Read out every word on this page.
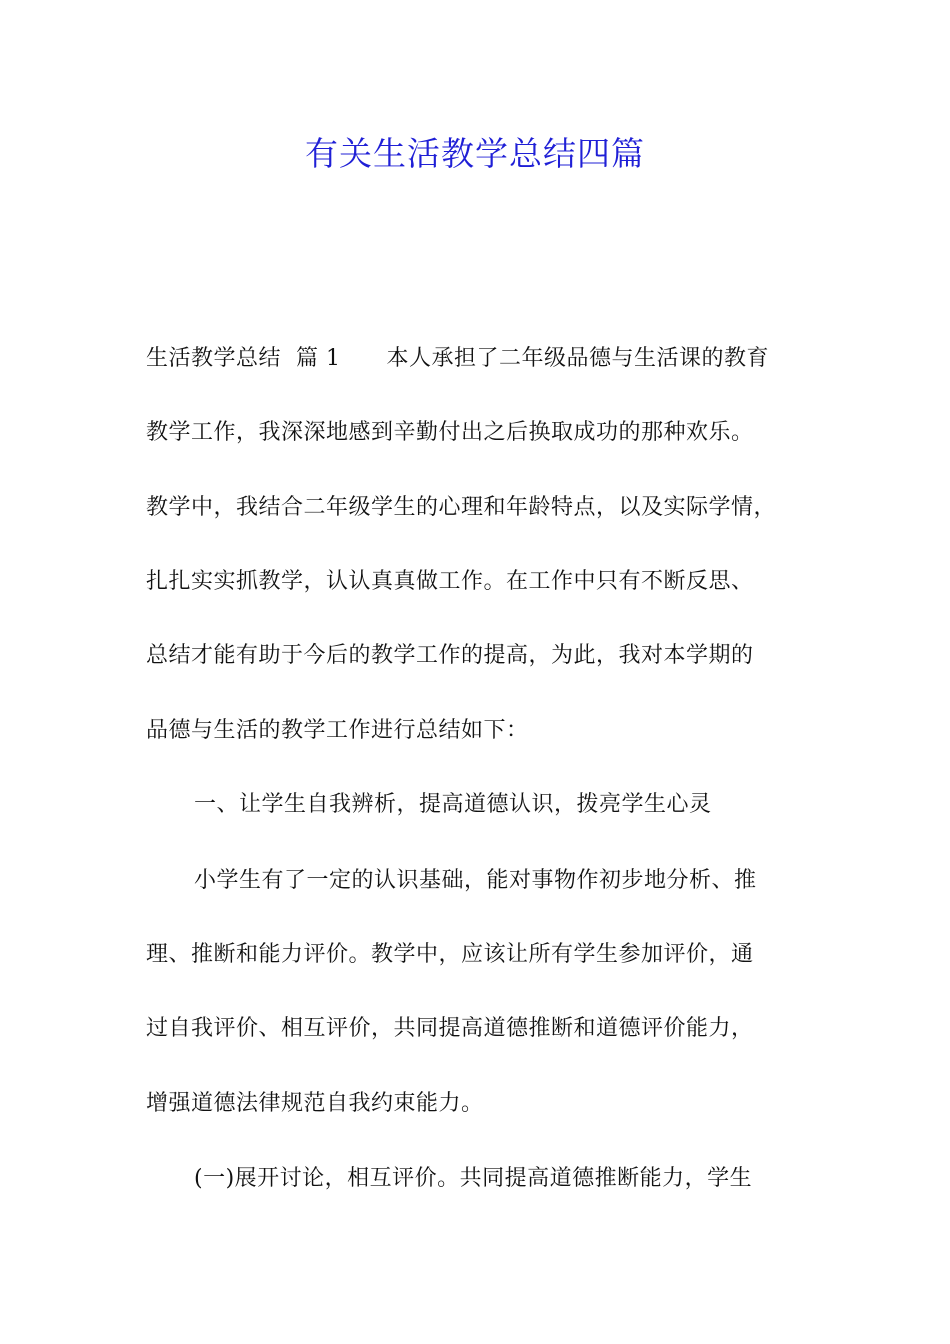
有关生活教学总结四篇
生活教学总结  篇 1 本人承担了二年级品德与生活课的教育
教学工作，我深深地感到辛勤付出之后换取成功的那种欢乐。
教学中，我结合二年级学生的心理和年龄特点，以及实际学情，
扎扎实实抓教学，认认真真做工作。在工作中只有不断反思、
总结才能有助于今后的教学工作的提高，为此，我对本学期的
品德与生活的教学工作进行总结如下：
一、让学生自我辨析，提高道德认识，拨亮学生心灵
小学生有了一定的认识基础，能对事物作初步地分析、推
理、推断和能力评价。教学中，应该让所有学生参加评价，通
过自我评价、相互评价，共同提高道德推断和道德评价能力，
增强道德法律规范自我约束能力。
(一)展开讨论，相互评价。共同提高道德推断能力，学生
